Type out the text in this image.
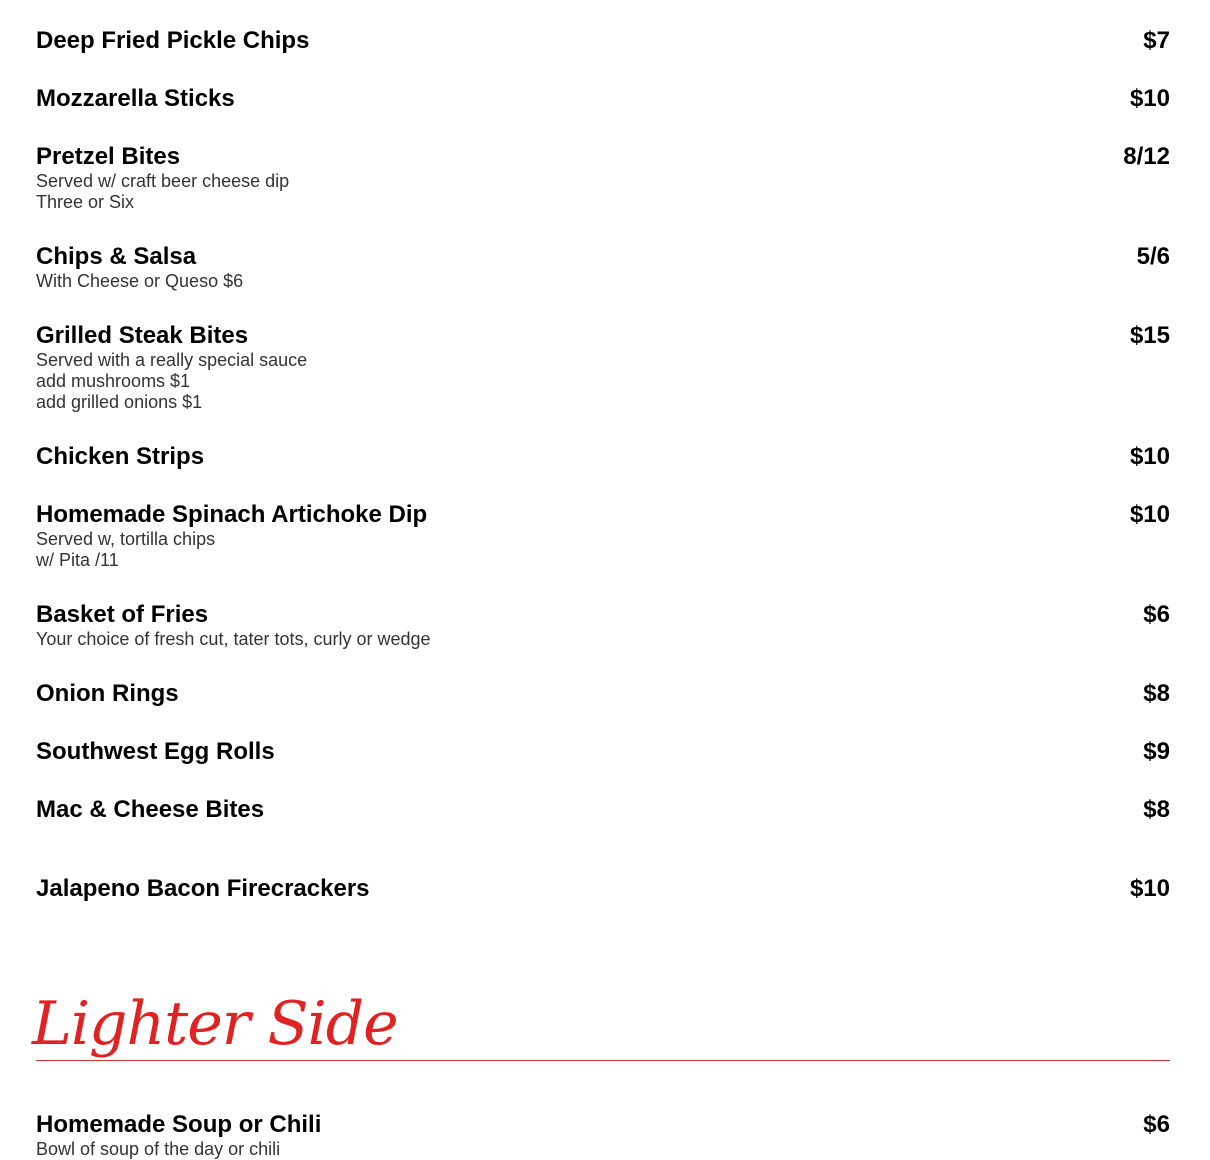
Deep Fried Pickle Chips	$7
Mozzarella Sticks	$10
Pretzel Bites	8/12
Served w/ craft beer cheese dip
Three or Six
Chips & Salsa	5/6
With Cheese or Queso $6
Grilled Steak Bites	$15
Served with a really special sauce
add mushrooms $1
add grilled onions $1
Chicken Strips	$10
Homemade Spinach Artichoke Dip	$10
Served w, tortilla chips
w/ Pita /11
Basket of Fries	$6
Your choice of fresh cut, tater tots, curly or wedge
Onion Rings	$8
Southwest Egg Rolls	$9
Mac & Cheese Bites	$8
Jalapeno Bacon Firecrackers	$10
Lighter Side
Homemade Soup or Chili	$6
Bowl of soup of the day or chili
